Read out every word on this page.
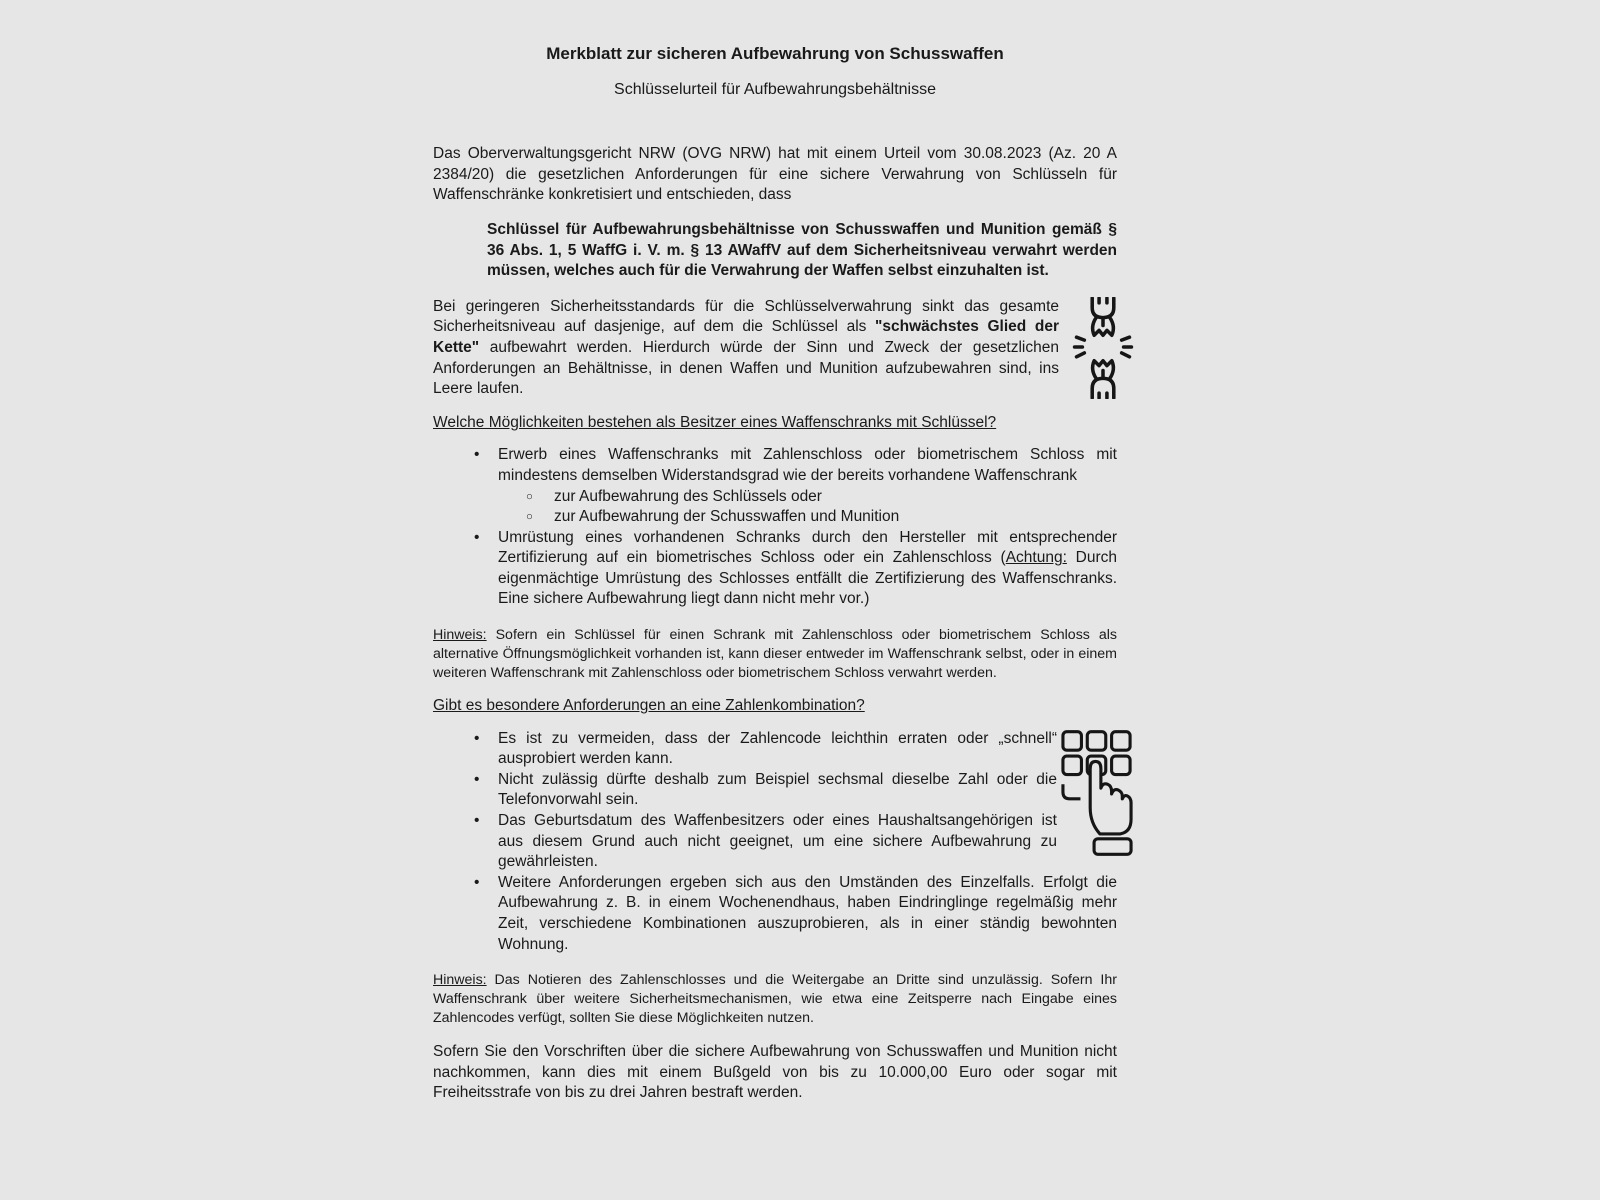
Merkblatt zur sicheren Aufbewahrung von Schusswaffen

Schlüsselurteil für Aufbewahrungsbehältnisse

Das Oberverwaltungsgericht NRW (OVG NRW) hat mit einem Urteil vom 30.08.2023 (Az. 20 A 2384/20) die gesetzlichen Anforderungen für eine sichere Verwahrung von Schlüsseln für Waffenschränke konkretisiert und entschieden, dass

Schlüssel für Aufbewahrungsbehältnisse von Schusswaffen und Munition gemäß § 36 Abs. 1, 5 WaffG i. V. m. § 13 AWaffV auf dem Sicherheitsniveau verwahrt werden müssen, welches auch für die Verwahrung der Waffen selbst einzuhalten ist.

Bei geringeren Sicherheitsstandards für die Schlüsselverwahrung sinkt das gesamte Sicherheitsniveau auf dasjenige, auf dem die Schlüssel als "schwächstes Glied der Kette" aufbewahrt werden. Hierdurch würde der Sinn und Zweck der gesetzlichen Anforderungen an Behältnisse, in denen Waffen und Munition aufzubewahren sind, ins Leere laufen.

Welche Möglichkeiten bestehen als Besitzer eines Waffenschranks mit Schlüssel?

• Erwerb eines Waffenschranks mit Zahlenschloss oder biometrischem Schloss mit mindestens demselben Widerstandsgrad wie der bereits vorhandene Waffenschrank
○ zur Aufbewahrung des Schlüssels oder
○ zur Aufbewahrung der Schusswaffen und Munition
• Umrüstung eines vorhandenen Schranks durch den Hersteller mit entsprechender Zertifizierung auf ein biometrisches Schloss oder ein Zahlenschloss (Achtung: Durch eigenmächtige Umrüstung des Schlosses entfällt die Zertifizierung des Waffenschranks. Eine sichere Aufbewahrung liegt dann nicht mehr vor.)

Hinweis: Sofern ein Schlüssel für einen Schrank mit Zahlenschloss oder biometrischem Schloss als alternative Öffnungsmöglichkeit vorhanden ist, kann dieser entweder im Waffenschrank selbst, oder in einem weiteren Waffenschrank mit Zahlenschloss oder biometrischem Schloss verwahrt werden.

Gibt es besondere Anforderungen an eine Zahlenkombination?

• Es ist zu vermeiden, dass der Zahlencode leichthin erraten oder „schnell“ ausprobiert werden kann.
• Nicht zulässig dürfte deshalb zum Beispiel sechsmal dieselbe Zahl oder die Telefonvorwahl sein.
• Das Geburtsdatum des Waffenbesitzers oder eines Haushaltsangehörigen ist aus diesem Grund auch nicht geeignet, um eine sichere Aufbewahrung zu gewährleisten.
• Weitere Anforderungen ergeben sich aus den Umständen des Einzelfalls. Erfolgt die Aufbewahrung z. B. in einem Wochenendhaus, haben Eindringlinge regelmäßig mehr Zeit, verschiedene Kombinationen auszuprobieren, als in einer ständig bewohnten Wohnung.

Hinweis: Das Notieren des Zahlenschlosses und die Weitergabe an Dritte sind unzulässig. Sofern Ihr Waffenschrank über weitere Sicherheitsmechanismen, wie etwa eine Zeitsperre nach Eingabe eines Zahlencodes verfügt, sollten Sie diese Möglichkeiten nutzen.

Sofern Sie den Vorschriften über die sichere Aufbewahrung von Schusswaffen und Munition nicht nachkommen, kann dies mit einem Bußgeld von bis zu 10.000,00 Euro oder sogar mit Freiheitsstrafe von bis zu drei Jahren bestraft werden.
